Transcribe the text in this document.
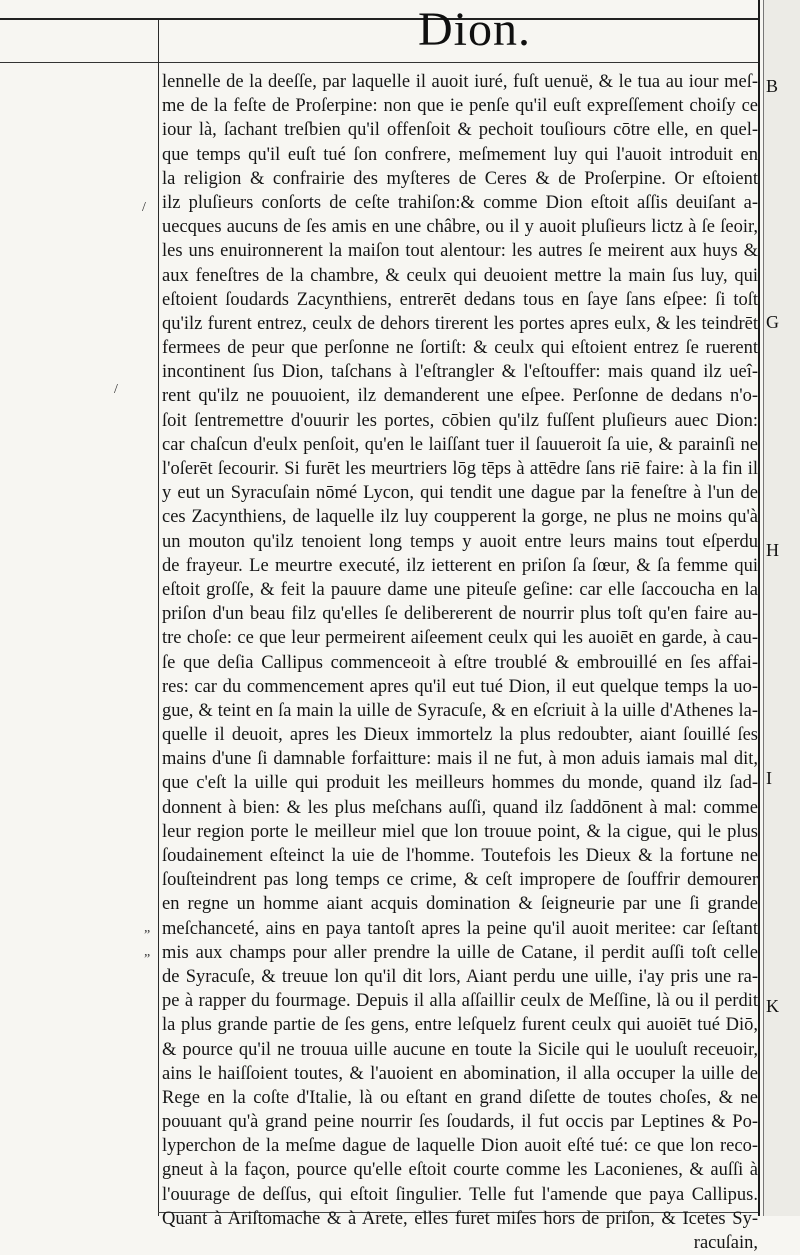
Dion.
B
G
H
I
K
/
/
”
”
lennelle de la deeſſe, par laquelle il auoit iuré, fuſt uenuë, & le tua au iour meſ-
me de la feſte de Proſerpine: non que ie penſe qu'il euſt expreſſement choiſy ce
iour là, ſachant treſbien qu'il offenſoit & pechoit touſiours cōtre elle, en quel-
que temps qu'il euſt tué ſon confrere, meſmement luy qui l'auoit introduit en
la religion & confrairie des myſteres de Ceres & de Proſerpine. Or eſtoient
ilz pluſieurs conſorts de ceſte trahiſon:& comme Dion eſtoit aſſis deuiſant a-
uecques aucuns de ſes amis en une châbre, ou il y auoit pluſieurs lictz à ſe ſeoir,
les uns enuironnerent la maiſon tout alentour: les autres ſe meirent aux huys &
aux feneſtres de la chambre, & ceulx qui deuoient mettre la main ſus luy, qui
eſtoient ſoudards Zacynthiens, entrerēt dedans tous en ſaye ſans eſpee: ſi toſt
qu'ilz furent entrez, ceulx de dehors tirerent les portes apres eulx, & les teindrēt
fermees de peur que perſonne ne ſortiſt: & ceulx qui eſtoient entrez ſe ruerent
incontinent ſus Dion, taſchans à l'eſtrangler & l'eſtouffer: mais quand ilz ueî-
rent qu'ilz ne pouuoient, ilz demanderent une eſpee. Perſonne de dedans n'o-
ſoit ſentremettre d'ouurir les portes, cōbien qu'ilz fuſſent pluſieurs auec Dion:
car chaſcun d'eulx penſoit, qu'en le laiſſant tuer il ſauueroit ſa uie, & parainſi ne
l'oſerēt ſecourir. Si furēt les meurtriers lōg tēps à attēdre ſans riē faire: à la fin il
y eut un Syracuſain nōmé Lycon, qui tendit une dague par la feneſtre à l'un de
ces Zacynthiens, de laquelle ilz luy coupperent la gorge, ne plus ne moins qu'à
un mouton qu'ilz tenoient long temps y auoit entre leurs mains tout eſperdu
de frayeur. Le meurtre executé, ilz ietterent en priſon ſa ſœur, & ſa femme qui
eſtoit groſſe, & feit la pauure dame une piteuſe geſine: car elle ſaccoucha en la
priſon d'un beau filz qu'elles ſe delibererent de nourrir plus toſt qu'en faire au-
tre choſe: ce que leur permeirent aiſeement ceulx qui les auoiēt en garde, à cau-
ſe que deſia Callipus commenceoit à eſtre troublé & embrouillé en ſes affai-
res: car du commencement apres qu'il eut tué Dion, il eut quelque temps la uo-
gue, & teint en ſa main la uille de Syracuſe, & en eſcriuit à la uille d'Athenes la-
quelle il deuoit, apres les Dieux immortelz la plus redoubter, aiant ſouillé ſes
mains d'une ſi damnable forfaitture: mais il ne fut, à mon aduis iamais mal dit,
que c'eſt la uille qui produit les meilleurs hommes du monde, quand ilz ſad-
donnent à bien: & les plus meſchans auſſi, quand ilz ſaddōnent à mal: comme
leur region porte le meilleur miel que lon trouue point, & la cigue, qui le plus
ſoudainement eſteinct la uie de l'homme. Toutefois les Dieux & la fortune ne
ſouſteindrent pas long temps ce crime, & ceſt impropere de ſouffrir demourer
en regne un homme aiant acquis domination & ſeigneurie par une ſi grande
meſchanceté, ains en paya tantoſt apres la peine qu'il auoit meritee: car ſeſtant
mis aux champs pour aller prendre la uille de Catane, il perdit auſſi toſt celle
de Syracuſe, & treuue lon qu'il dit lors, Aiant perdu une uille, i'ay pris une ra-
pe à rapper du fourmage. Depuis il alla aſſaillir ceulx de Meſſine, là ou il perdit
la plus grande partie de ſes gens, entre leſquelz furent ceulx qui auoiēt tué Diō,
& pource qu'il ne trouua uille aucune en toute la Sicile qui le uouluſt receuoir,
ains le haiſſoient toutes, & l'auoient en abomination, il alla occuper la uille de
Rege en la coſte d'Italie, là ou eſtant en grand diſette de toutes choſes, & ne
pouuant qu'à grand peine nourrir ſes ſoudards, il fut occis par Leptines & Po-
lyperchon de la meſme dague de laquelle Dion auoit eſté tué: ce que lon reco-
gneut à la façon, pource qu'elle eſtoit courte comme les Laconienes, & auſſi à
l'ouurage de deſſus, qui eſtoit ſingulier. Telle fut l'amende que paya Callipus.
Quant à Ariſtomache & à Arete, elles furēt miſes hors de priſon, & Icetes Sy-
racuſain,
